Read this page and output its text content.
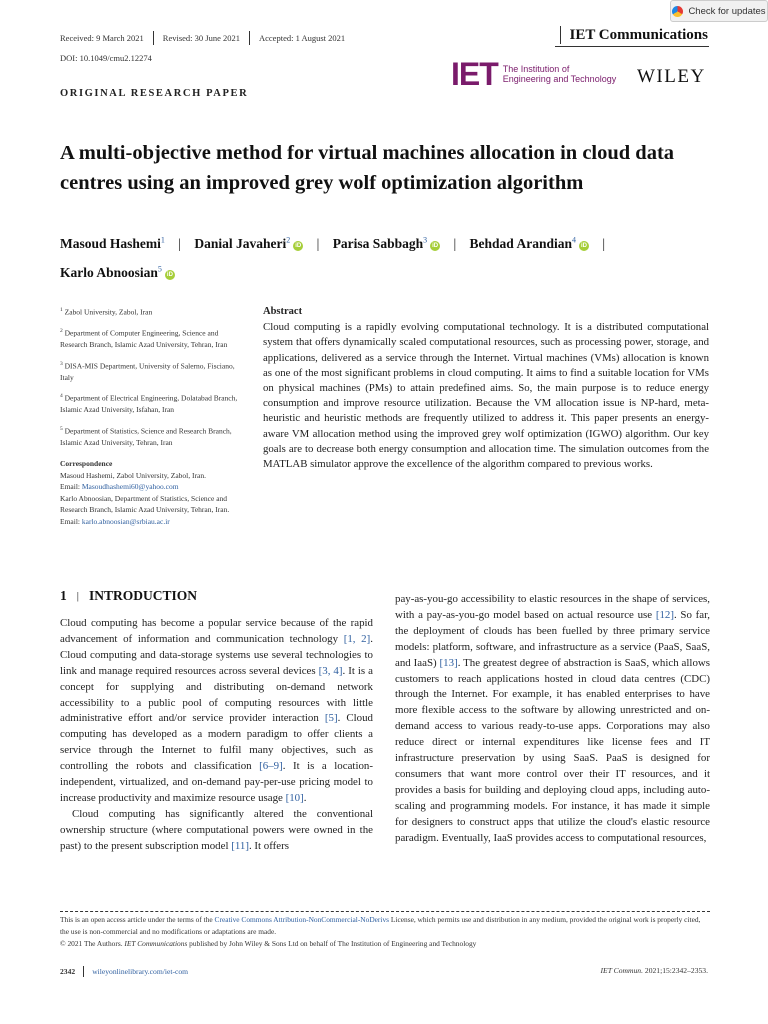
Received: 9 March 2021 Revised: 30 June 2021 Accepted: 1 August 2021
DOI: 10.1049/cmu2.12274
Check for updates
IET Communications
IET The Institution of
Engineering and Technology WILEY
ORIGINAL RESEARCH PAPER
A multi-objective method for virtual machines allocation in cloud data centres using an improved grey wolf optimization algorithm
Masoud Hashemi$^1$ | Danial Javaheri$^2$iD | Parisa Sabbagh$^3$iD | Behdad Arandian$^4$iD |
Karlo Abnoosian$^5$iD

$^1$ Zabol University, Zabol, Iran

$^2$ Department of Computer Engineering, Science and Research Branch, Islamic Azad University, Tehran, Iran

$^3$ DISA-MIS Department, University of Salerno, Fisciano, Italy

$^4$ Department of Electrical Engineering, Dolatabad Branch, Islamic Azad University, Isfahan, Iran

$^5$ Department of Statistics, Science and Research Branch, Islamic Azad University, Tehran, Iran

Correspondence
Masoud Hashemi, Zabol University, Zabol, Iran.
Email: Masoudhashemi60@yahoo.com
Karlo Abnoosian, Department of Statistics, Science and Research Branch, Islamic Azad University, Tehran, Iran.
Email: karlo.abnoosian@srbiau.ac.ir
Abstract

Cloud computing is a rapidly evolving computational technology. It is a distributed computational system that offers dynamically scaled computational resources, such as processing power, storage, and applications, delivered as a service through the Internet. Virtual machines (VMs) allocation is known as one of the most significant problems in cloud computing. It aims to find a suitable location for VMs on physical machines (PMs) to attain predefined aims. So, the main purpose is to reduce energy consumption and improve resource utilization. Because the VM allocation issue is NP-hard, meta-heuristic and heuristic methods are frequently utilized to address it. This paper presents an energy-aware VM allocation method using the improved grey wolf optimization (IGWO) algorithm. Our key goals are to decrease both energy consumption and allocation time. The simulation outcomes from the MATLAB simulator approve the excellence of the algorithm compared to previous works.

1 | INTRODUCTION

Cloud computing has become a popular service because of the rapid advancement of information and communication technology [1, 2]. Cloud computing and data-storage systems use several technologies to link and manage required resources across several devices [3, 4]. It is a concept for supplying and distributing on-demand network accessibility to a public pool of computing resources with little administrative effort and/or service provider interaction [5]. Cloud computing has developed as a modern paradigm to offer clients a service through the Internet to fulfil many objectives, such as controlling the robots and classification [6–9]. It is a location-independent, virtualized, and on-demand pay-per-use pricing model to increase productivity and maximize resource usage [10].

Cloud computing has significantly altered the conventional ownership structure (where computational powers were owned in the past) to the present subscription model [11]. It offers

pay-as-you-go accessibility to elastic resources in the shape of services, with a pay-as-you-go model based on actual resource use [12]. So far, the deployment of clouds has been fuelled by three primary service models: platform, software, and infrastructure as a service (PaaS, SaaS, and IaaS) [13]. The greatest degree of abstraction is SaaS, which allows customers to reach applications hosted in cloud data centres (CDC) through the Internet. For example, it has enabled enterprises to have more flexible access to the software by allowing unrestricted and on-demand access to various ready-to-use apps. Corporations may also reduce direct or internal expenditures like license fees and IT infrastructure preservation by using SaaS. PaaS is designed for consumers that want more control over their IT resources, and it provides a basis for building and deploying cloud apps, including auto-scaling and programming models. For instance, it has made it simple for designers to construct apps that utilize the cloud's elastic resource paradigm. Eventually, IaaS provides access to computational resources,

This is an open access article under the terms of the Creative Commons Attribution-NonCommercial-NoDerivs License, which permits use and distribution in any medium, provided the original work is properly cited, the use is non-commercial and no modifications or adaptations are made.

© 2021 The Authors. IET Communications published by John Wiley & Sons Ltd on behalf of The Institution of Engineering and Technology

2342 wileyonlinelibrary.com/iet-com	IET Commun. 2021;15:2342–2353.
